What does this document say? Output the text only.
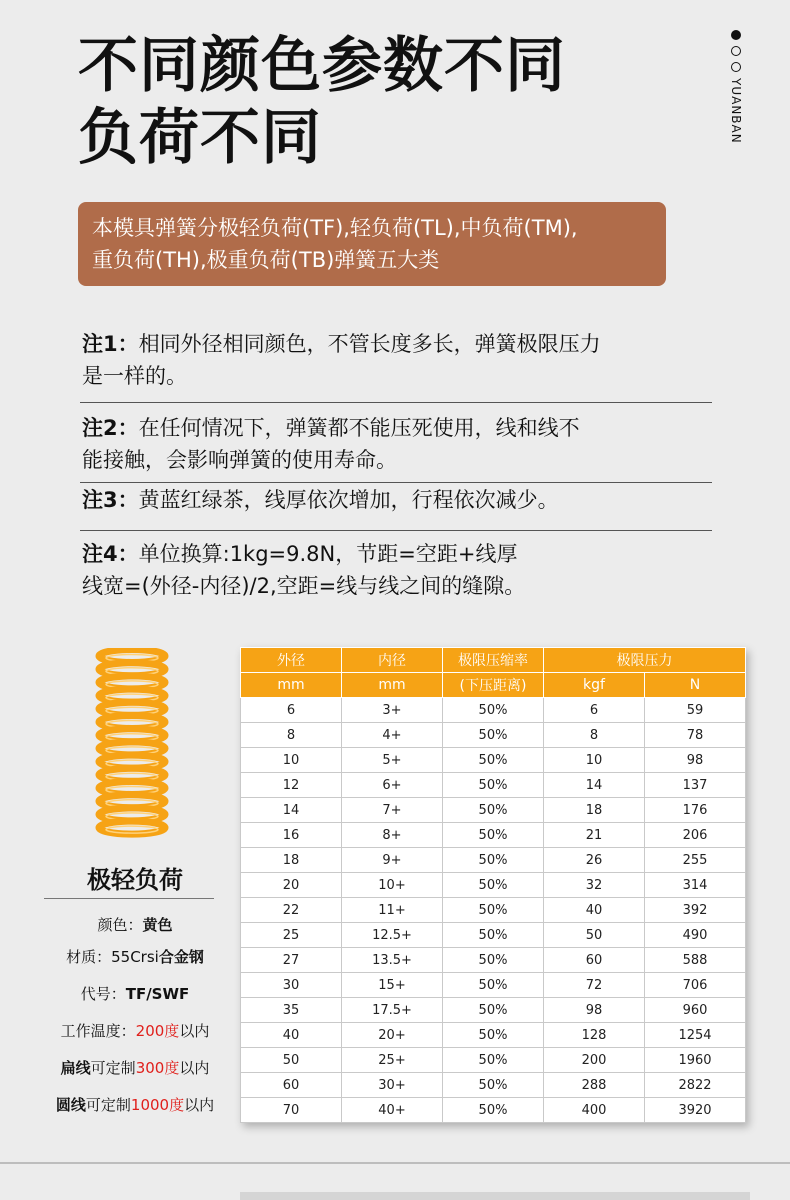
不同颜色参数不同
负荷不同	YUANBAN
本模具弹簧分极轻负荷(TF),轻负荷(TL),中负荷(TM),
重负荷(TH),极重负荷(TB)弹簧五大类
注1：相同外径相同颜色，不管长度多长，弹簧极限压力
是一样的。
注2：在任何情况下，弹簧都不能压死使用，线和线不
能接触，会影响弹簧的使用寿命。
注3：黄蓝红绿茶，线厚依次增加，行程依次减少。
注4：单位换算:1kg=9.8N，节距=空距+线厚
线宽=(外径-内径)/2,空距=线与线之间的缝隙。
极轻负荷
颜色：黄色
材质：55Crsi合金钢
代号：TF/SWF
工作温度：200度以内
扁线可定制300度以内
圆线可定制1000度以内
外径	内径	极限压缩率	极限压力	
mm	mm	(下压距离)	kgf	N
6	3+	50%	6	59
8	4+	50%	8	78
10	5+	50%	10	98
12	6+	50%	14	137
14	7+	50%	18	176
16	8+	50%	21	206
18	9+	50%	26	255
20	10+	50%	32	314
22	11+	50%	40	392
25	12.5+	50%	50	490
27	13.5+	50%	60	588
30	15+	50%	72	706
35	17.5+	50%	98	960
40	20+	50%	128	1254
50	25+	50%	200	1960
60	30+	50%	288	2822
70	40+	50%	400	3920
